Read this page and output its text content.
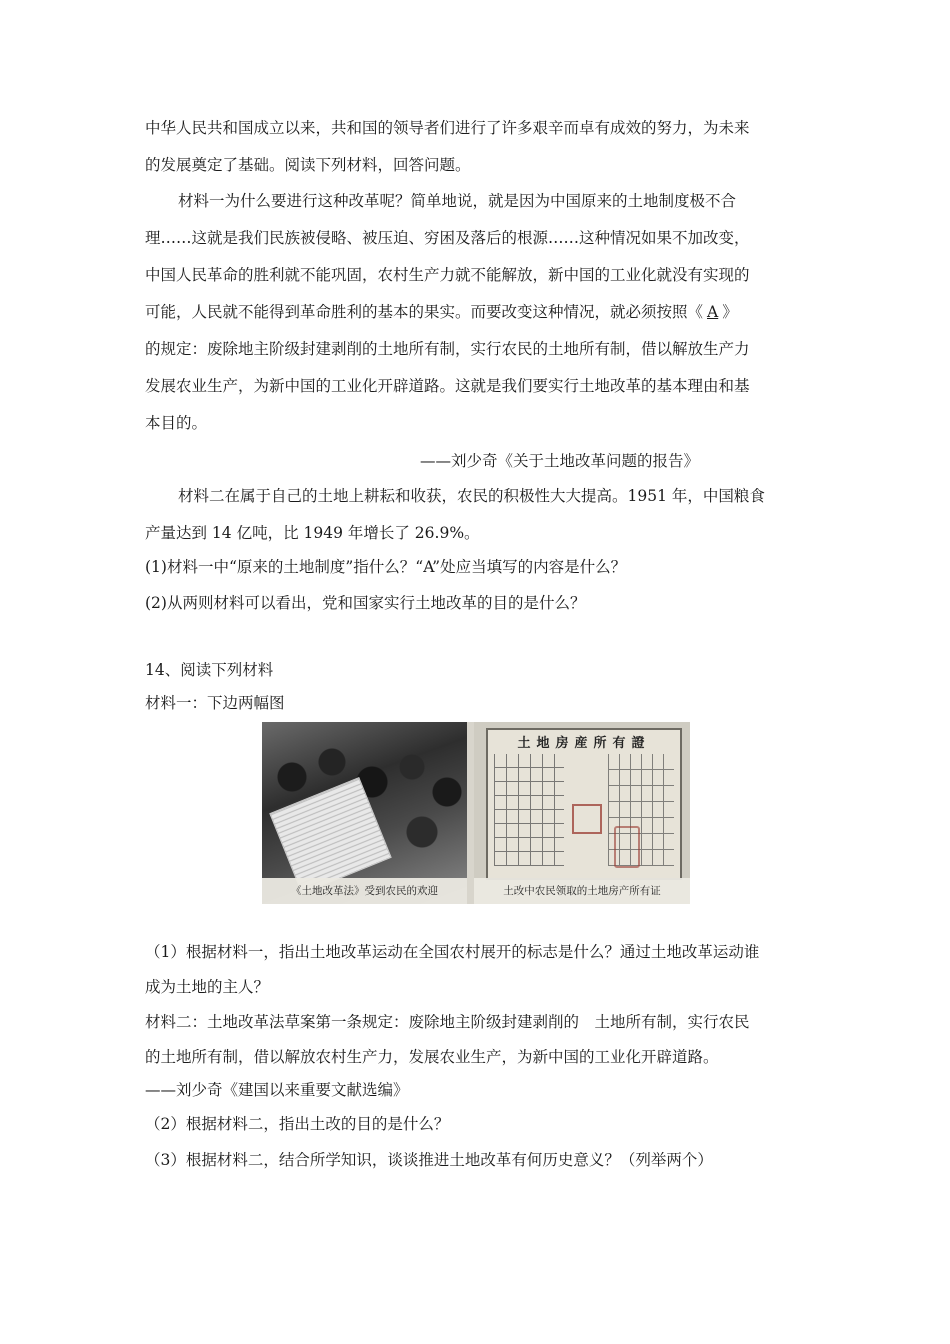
中华人民共和国成立以来，共和国的领导者们进行了许多艰辛而卓有成效的努力，为未来
的发展奠定了基础。阅读下列材料，回答问题。
材料一为什么要进行这种改革呢？简单地说，就是因为中国原来的土地制度极不合
理……这就是我们民族被侵略、被压迫、穷困及落后的根源……这种情况如果不加改变，
中国人民革命的胜利就不能巩固，农村生产力就不能解放，新中国的工业化就没有实现的
可能，人民就不能得到革命胜利的基本的果实。而要改变这种情况，就必须按照《 A 》
的规定：废除地主阶级封建剥削的土地所有制，实行农民的土地所有制，借以解放生产力
发展农业生产，为新中国的工业化开辟道路。这就是我们要实行土地改革的基本理由和基
本目的。
——刘少奇《关于土地改革问题的报告》
材料二在属于自己的土地上耕耘和收获，农民的积极性大大提高。1951 年，中国粮食
产量达到 14 亿吨，比 1949 年增长了 26.9%。
(1)材料一中“原来的土地制度”指什么？“A”处应当填写的内容是什么？
(2)从两则材料可以看出，党和国家实行土地改革的目的是什么？
14、阅读下列材料
材料一：下边两幅图
《土地改革法》受到农民的欢迎
土地房産所有證
土改中农民领取的土地房产所有证
（1）根据材料一，指出土地改革运动在全国农村展开的标志是什么？通过土地改革运动谁
成为土地的主人？
材料二：土地改革法草案第一条规定：废除地主阶级封建剥削的　土地所有制，实行农民
的土地所有制，借以解放农村生产力，发展农业生产，为新中国的工业化开辟道路。
——刘少奇《建国以来重要文献选编》
（2）根据材料二，指出土改的目的是什么？
（3）根据材料二，结合所学知识，谈谈推进土地改革有何历史意义？（列举两个）
